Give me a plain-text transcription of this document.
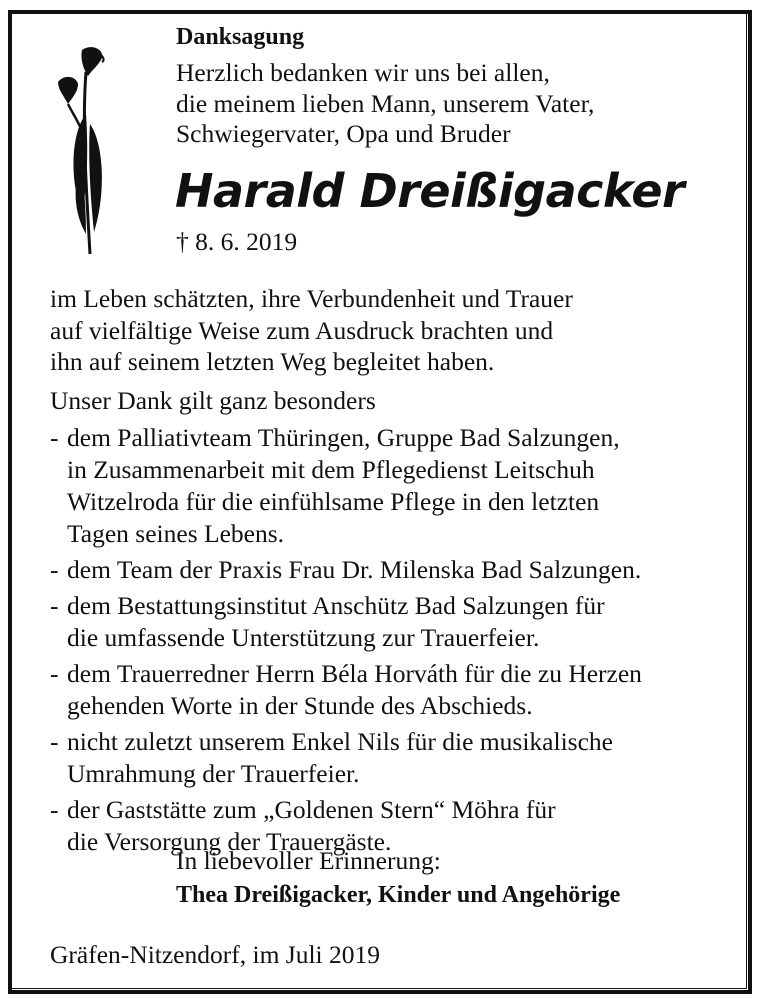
Danksagung
Herzlich bedanken wir uns bei allen,
die meinem lieben Mann, unserem Vater,
Schwiegervater, Opa und Bruder
Harald Dreißigacker
† 8. 6. 2019
im Leben schätzten, ihre Verbundenheit und Trauer
auf vielfältige Weise zum Ausdruck brachten und
ihn auf seinem letzten Weg begleitet haben.
Unser Dank gilt ganz besonders
- dem Palliativteam Thüringen, Gruppe Bad Salzungen,
in Zusammenarbeit mit dem Pflegedienst Leitschuh
Witzelroda für die einfühlsame Pflege in den letzten
Tagen seines Lebens.
- dem Team der Praxis Frau Dr. Milenska Bad Salzungen.
- dem Bestattungsinstitut Anschütz Bad Salzungen für
die umfassende Unterstützung zur Trauerfeier.
- dem Trauerredner Herrn Béla Horváth für die zu Herzen
gehenden Worte in der Stunde des Abschieds.
- nicht zuletzt unserem Enkel Nils für die musikalische
Umrahmung der Trauerfeier.
- der Gaststätte zum „Goldenen Stern“ Möhra für
die Versorgung der Trauergäste.
In liebevoller Erinnerung:
Thea Dreißigacker, Kinder und Angehörige
Gräfen-Nitzendorf, im Juli 2019
